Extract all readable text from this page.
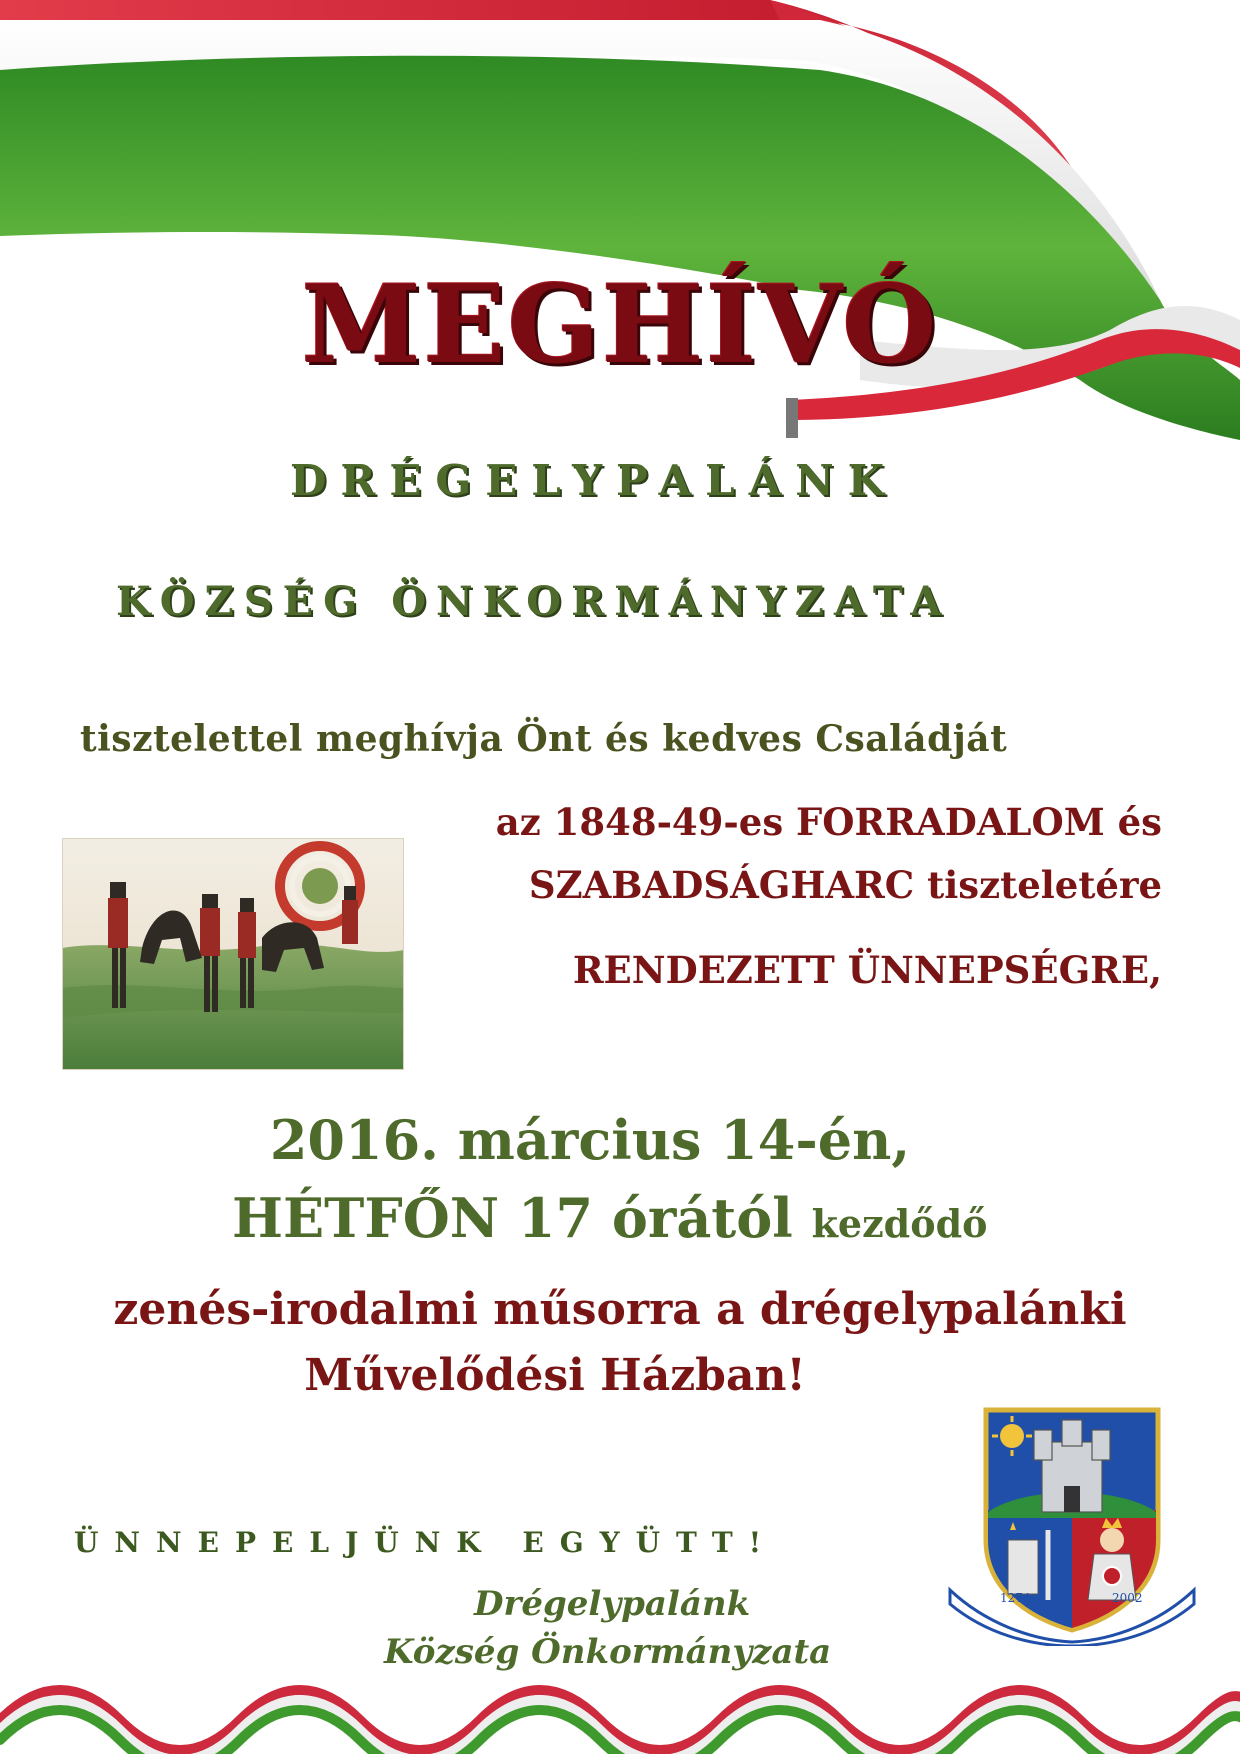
MEGHÍVÓ
DRÉGELYPALÁNK
KÖZSÉG ÖNKORMÁNYZATA
tisztelettel meghívja Önt és kedves Családját
az 1848-49-es FORRADALOM és
SZABADSÁGHARC tiszteletére
RENDEZETT ÜNNEPSÉGRE,
2016. március 14-én,
HÉTFŐN 17 órától kezdődő
zenés-irodalmi műsorra a drégelypalánki
Művelődési Házban!
1274	2002
ÜNNEPELJÜNK EGYÜTT!
Drégelypalánk
Község Önkormányzata
